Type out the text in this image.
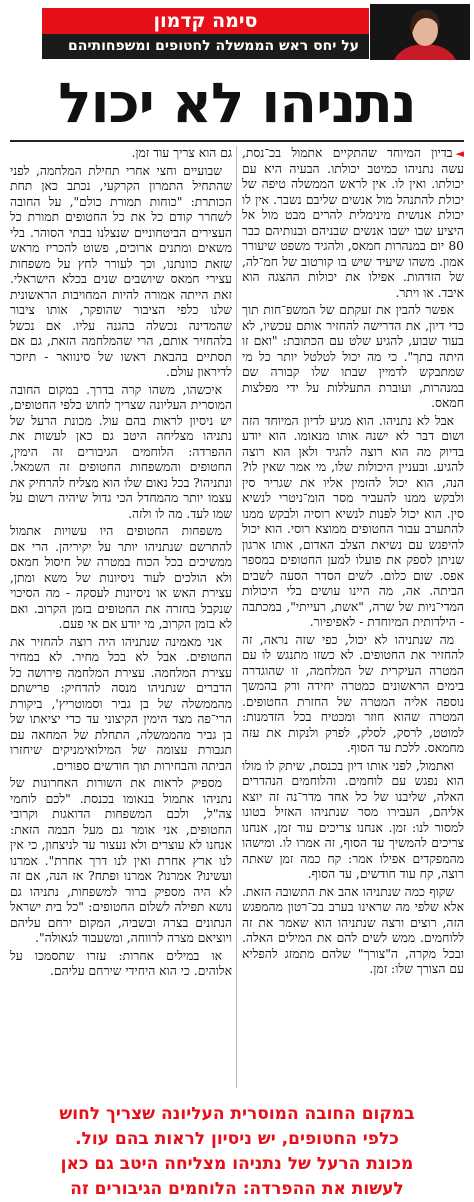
סימה קדמון
על יחס ראש הממשלה לחטופים ומשפחותיהם
נתניהו לא יכול

◄בדיון המיוחד שהתקיים אתמול בכ־נסת, עשה נתניהו כמיטב יכולתו. הבעיה היא עם יכולתו. ואין לו. אין לראש הממשלה טיפה של יכולת להתנהל מול אנשים שליבם נשבר. אין לו יכולת אנושית מינימלית להרים מבט מול אל היציע שבו ישבו אנשים שבניהם ובנותיהם כבר 80 יום במנהרות חמאס, ולהגיד משפט שיעורר אמון. משהו שיעיד שיש בו קורטוב של חמ־לה, של הזדהות. אפילו את יכולות ההצגה הוא איבד. או ויתר.

אפשר להבין את זעקתם של המשפ־חות תוך כדי דיון, את הדרישה להחזיר אותם עכשיו, לא בעוד שבוע, להגיע שלט עם הכתובת: "ואם זו היתה בתך". כי מה יכול לטלטל יותר כל מי שמתבקש לדמיין שבתו שלו קבורה שם במנהרות, ועוברת התעללות על ידי מפלצות חמאס.

אבל לא נתניהו. הוא מגיע לדיון המיוחד הזה ושום דבר לא ישנה אותו מנאומו. הוא יודע בדיוק מה הוא רוצה להגיד ולאן הוא רוצה להגיע. ובעניין היכולות שלו, מי אמר שאין לו? הנה, הוא יכול להזמין אליו את שגריר סין ולבקש ממנו להעביר מסר הומ־ניטרי לנשיא סין. הוא יכול לפנות לנשיא רוסיה ולבקש ממנו להתערב עבור החטופים ממוצא רוסי. הוא יכול להיפגש עם נשיאת הצלב האדום, אותו ארגון שניתן לספק את פועלו למען החטופים במספר אפס. שום כלום. לשים הסדר הסעה לשבים הביתה. אה, מה היינו עושים בלי היכולות המדי־ניות של שרה, "אשת, רעייתי", במכתבה - הילדותית המיוחדת - לאפיפיור.

מה שנתניהו לא יכול, כפי שזה נראה, זה להחזיר את החטופים. לא כשזו מתנגש לו עם המטרה העיקרית של המלחמה, זו שהוגדרה בימים הראשונים כמטרה יחידה ורק בהמשך נוספה אליה המטרה של החזרת החטופים. המטרה שהוא חוזר ומכטיח בכל הזדמנות: למוטט, לרסק, לסלק, לפרק ולנקות את עזה מחמאס. ללכת עד הסוף.

ואתמול, לפני אותו דיון בכנסת, שיתק לו מולו הוא נפגש עם לוחמים. והלוחמים הנהדרים האלה, שליבנו של כל אחד מדר־נה זה יוצא אליהם, העבירו מסר שנתניהו האזיל בטונו למסור לנו: זמן. אנחנו צריכים עוד זמן, אנחנו צריכים להמשיך עד הסוף, זה אמרו לו. ומישהו מהמפקדים אפילו אמר: קח כמה זמן שאתה רוצה, קח עוד חודשים, עד הסוף.

שקוף כמה שנתניהו אהב את התשובה הזאת. אלא שלפי מה שראינו בערב בכ־רטון מהמפגש הזה, רוצים ורצה שנתניהו הוא שאמר את זה ללוחמים. ממש לשים להם את המילים האלה. ובכל מקרה, ה"צורך" שלהם מתמזג להפליא עם הצורך שלו: זמן.

גם הוא צריך עוד זמן.

שבועיים וחצי אחרי תחילת המלחמה, לפני שהתחיל התמרון הקרקעי, נכתב כאן תחת הכותרת: "כוחות תמורת כולם", על החובה לשחרר קודם כל את כל החטופים תמורת כל העצירים הביטחוניים שנצלנו בבתי הסוהר. בלי משאים ומתנים ארוכים, פשוט להכריז מראש שזאת כוונתנו, וכך לעורר לחץ על משפחות עצירי חמאס שיושבים שנים בכלא הישראלי. זאת הייתה אמורה להיות המחויבות הראשונית שלנו כלפי הציבור שהופקר, אותו ציבור שהמדינה נכשלה בהגנה עליו. אם נכשל בלהחזיר אותם, הרי שהמלחמה הזאת, גם אם תסתיים בהבאת ראשו של סינוואר - תיזכר לדיראון עולם.

איכשהו, משהו קרה בדרך. במקום החובה המוסרית העליונה שצריך לחוש כלפי החטופים, יש ניסיון לראות בהם עול. מכונת הרעל של נתניהו מצליחה היטב גם כאן לעשות את ההפרדה: הלוחמים הגיבורים זה הימין, החטופים והמשפחות החטופים זה השמאל. ונתניהו? בכל נאום שלו הוא מצליח להרחיק את עצמו יותר מהמחדל הכי גדול שיהיה רשום על שמו לעד. מה לו ולזה.

משפחות החטופים היו עשויות אתמול להתרשם שנתניהו יותר על יקיריהן. הרי אם ממשיכים בכל הכוח במטרה של חיסול חמאס ולא הולכים לעוד ניסיונות של משא ומתן, עצירת האש או ניסיונות לעסקה - מה הסיכוי שנקבל בחזרה את החטופים בזמן הקרוב. ואם לא בזמן הקרוב, מי יודע אם אי פעם.

אני מאמינה שנתניהו היה רוצה להחזיר את החטופים. אבל לא בכל מחיר. לא במחיר עצירת המלחמה. עצירת המלחמה פירושה כל הדברים שנתניהו מנסה להדחיק: פרישתם מהממשלה של בן גביר וסמוטריץ', ביקורת הרי־פה מצד הימין הקיצוני עד כדי יציאתו של בן גביר מהממשלה, התחלת של המחאה עם תגבורת עצומה של המילואימניקים שיחזרו הביתה והבחירות תוך חודשים ספורים.

מספיק לראות את השורות האחרונות של נתניהו אתמול בנאומו בכנסת. "לכם לוחמי צה"ל, ולכם המשפחות הדואגות וקרובי החטופים, אני אומר גם מעל הבמה הזאת: אנחנו לא עוצרים ולא נעצור עד לניצחון, כי אין לנו ארץ אחרת ואין לנו דרך אחרת". אמרנו ועשינו? אמרנו? אמרנו ופתח? אז הנה, אם זה לא היה מספיק ברור למשפחות, נתניהו גם נושא תפילה לשלום החטופים: "כל בית ישראל הנתונים בצרה ובשביה, המקום ירחם עליהם ויוציאם מצרה לרווחה, ומשעבוד לגאולה".

או במילים אחרות: עזרו שתסמכו על אלוהים. כי הוא היחידי שירחם עליהם.

במקום החובה המוסרית העליונה שצריך לחוש
כלפי החטופים, יש ניסיון לראות בהם עול.
מכונת הרעל של נתניהו מצליחה היטב גם כאן
לעשות את ההפרדה: הלוחמים הגיבורים זה
